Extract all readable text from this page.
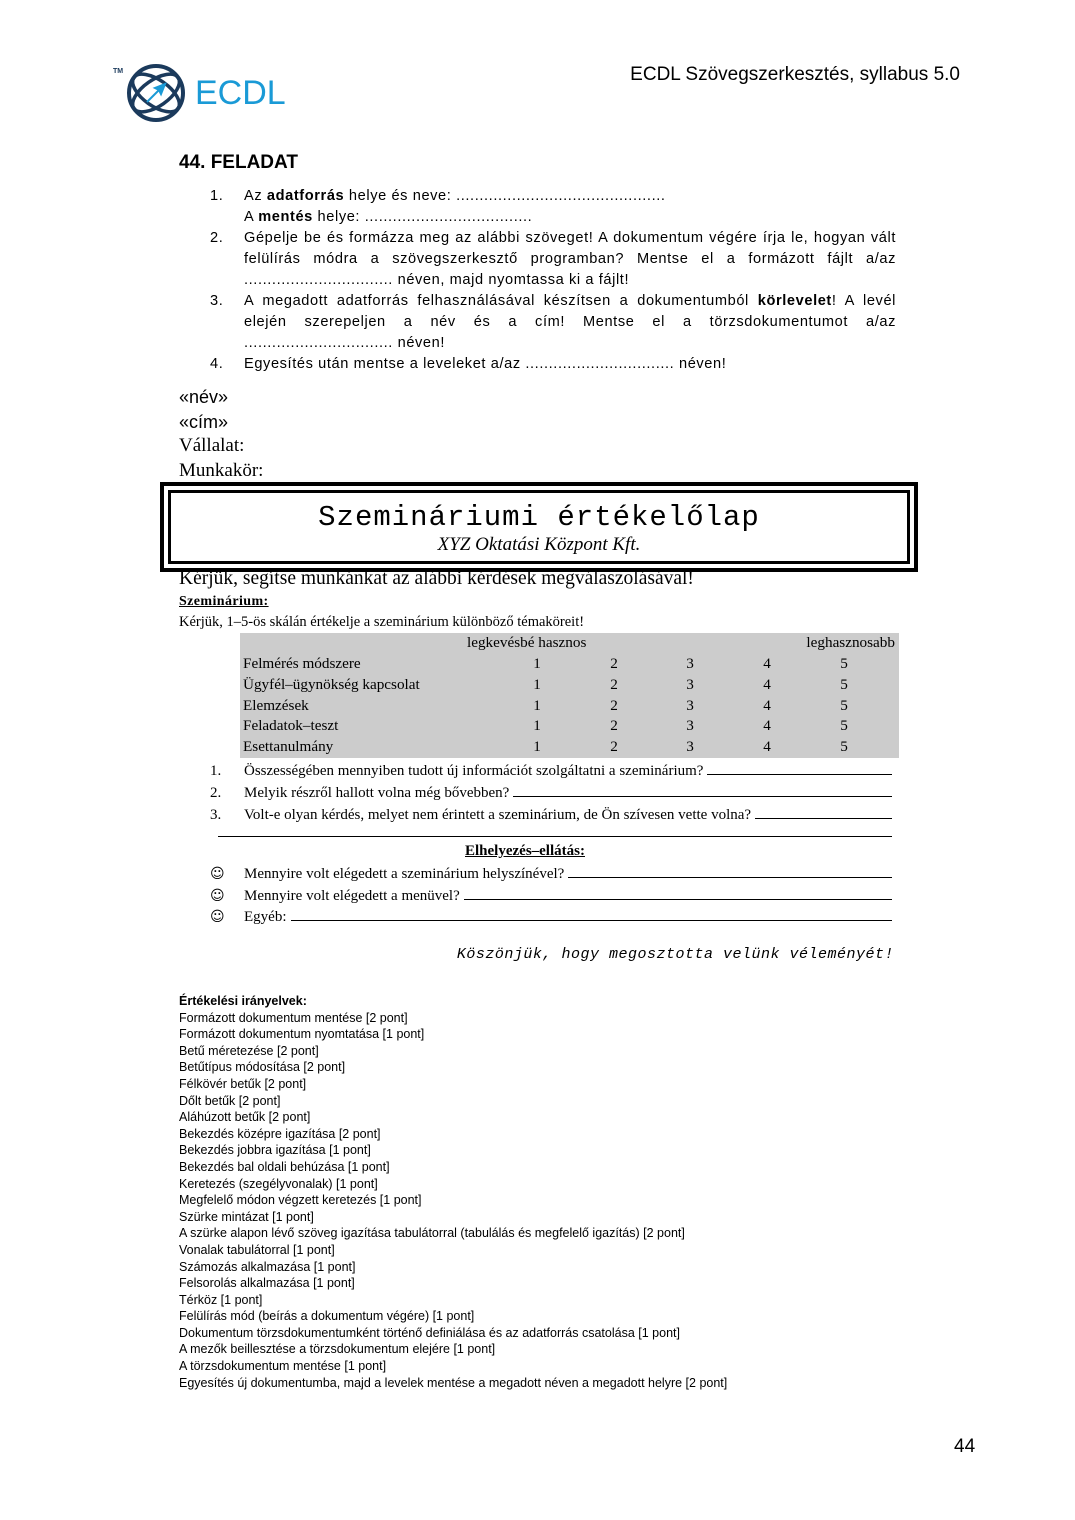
TM
ECDL	ECDL Szövegszerkesztés, syllabus 5.0
44. FELADAT
1.	Az adatforrás helye és neve: .............................................
A mentés helye: ....................................
2.	Gépelje be és formázza meg az alábbi szöveget! A dokumentum végére írja le, hogyan vált felülírás módra a szövegszerkesztő programban? Mentse el a formázott fájlt a/az ................................ néven, majd nyomtassa ki a fájlt!
3.	A megadott adatforrás felhasználásával készítsen a dokumentumból körlevelet! A levél elején szerepeljen a név és a cím! Mentse el a törzsdokumentumot a/az ................................ néven!
4.	Egyesítés után mentse a leveleket a/az ................................ néven!
«név»
«cím»
Vállalat:
Munkakör:
Szemináriumi értékelőlap
XYZ Oktatási Központ Kft.
Kérjük, segítse munkánkat az alábbi kérdések megválaszolásával!
Szeminárium:
Kérjük, 1–5-ös skálán értékelje a szeminárium különböző témaköreit!
legkevésbé hasznos	leghasznosabb
Felmérés módszere	1	2	3	4	5
Ügyfél–ügynökség kapcsolat	1	2	3	4	5
Elemzések	1	2	3	4	5
Feladatok–teszt	1	2	3	4	5
Esettanulmány	1	2	3	4	5
1.	Összességében mennyiben tudott új információt szolgáltatni a szeminárium?
2.	Melyik részről hallott volna még bővebben?
3.	Volt-e olyan kérdés, melyet nem érintett a szeminárium, de Ön szívesen vette volna?
Elhelyezés–ellátás:
☺	Mennyire volt elégedett a szeminárium helyszínével?
☺	Mennyire volt elégedett a menüvel?
☺	Egyéb:
Köszönjük, hogy megosztotta velünk véleményét!
Értékelési irányelvek:
Formázott dokumentum mentése [2 pont]
Formázott dokumentum nyomtatása [1 pont]
Betű méretezése [2 pont]
Betűtípus módosítása [2 pont]
Félkövér betűk [2 pont]
Dőlt betűk [2 pont]
Aláhúzott betűk [2 pont]
Bekezdés középre igazítása [2 pont]
Bekezdés jobbra igazítása [1 pont]
Bekezdés bal oldali behúzása [1 pont]
Keretezés (szegélyvonalak) [1 pont]
Megfelelő módon végzett keretezés [1 pont]
Szürke mintázat [1 pont]
A szürke alapon lévő szöveg igazítása tabulátorral (tabulálás és megfelelő igazítás) [2 pont]
Vonalak tabulátorral [1 pont]
Számozás alkalmazása [1 pont]
Felsorolás alkalmazása [1 pont]
Térköz [1 pont]
Felülírás mód (beírás a dokumentum végére) [1 pont]
Dokumentum törzsdokumentumként történő definiálása és az adatforrás csatolása [1 pont]
A mezők beillesztése a törzsdokumentum elejére [1 pont]
A törzsdokumentum mentése [1 pont]
Egyesítés új dokumentumba, majd a levelek mentése a megadott néven a megadott helyre [2 pont]
44
